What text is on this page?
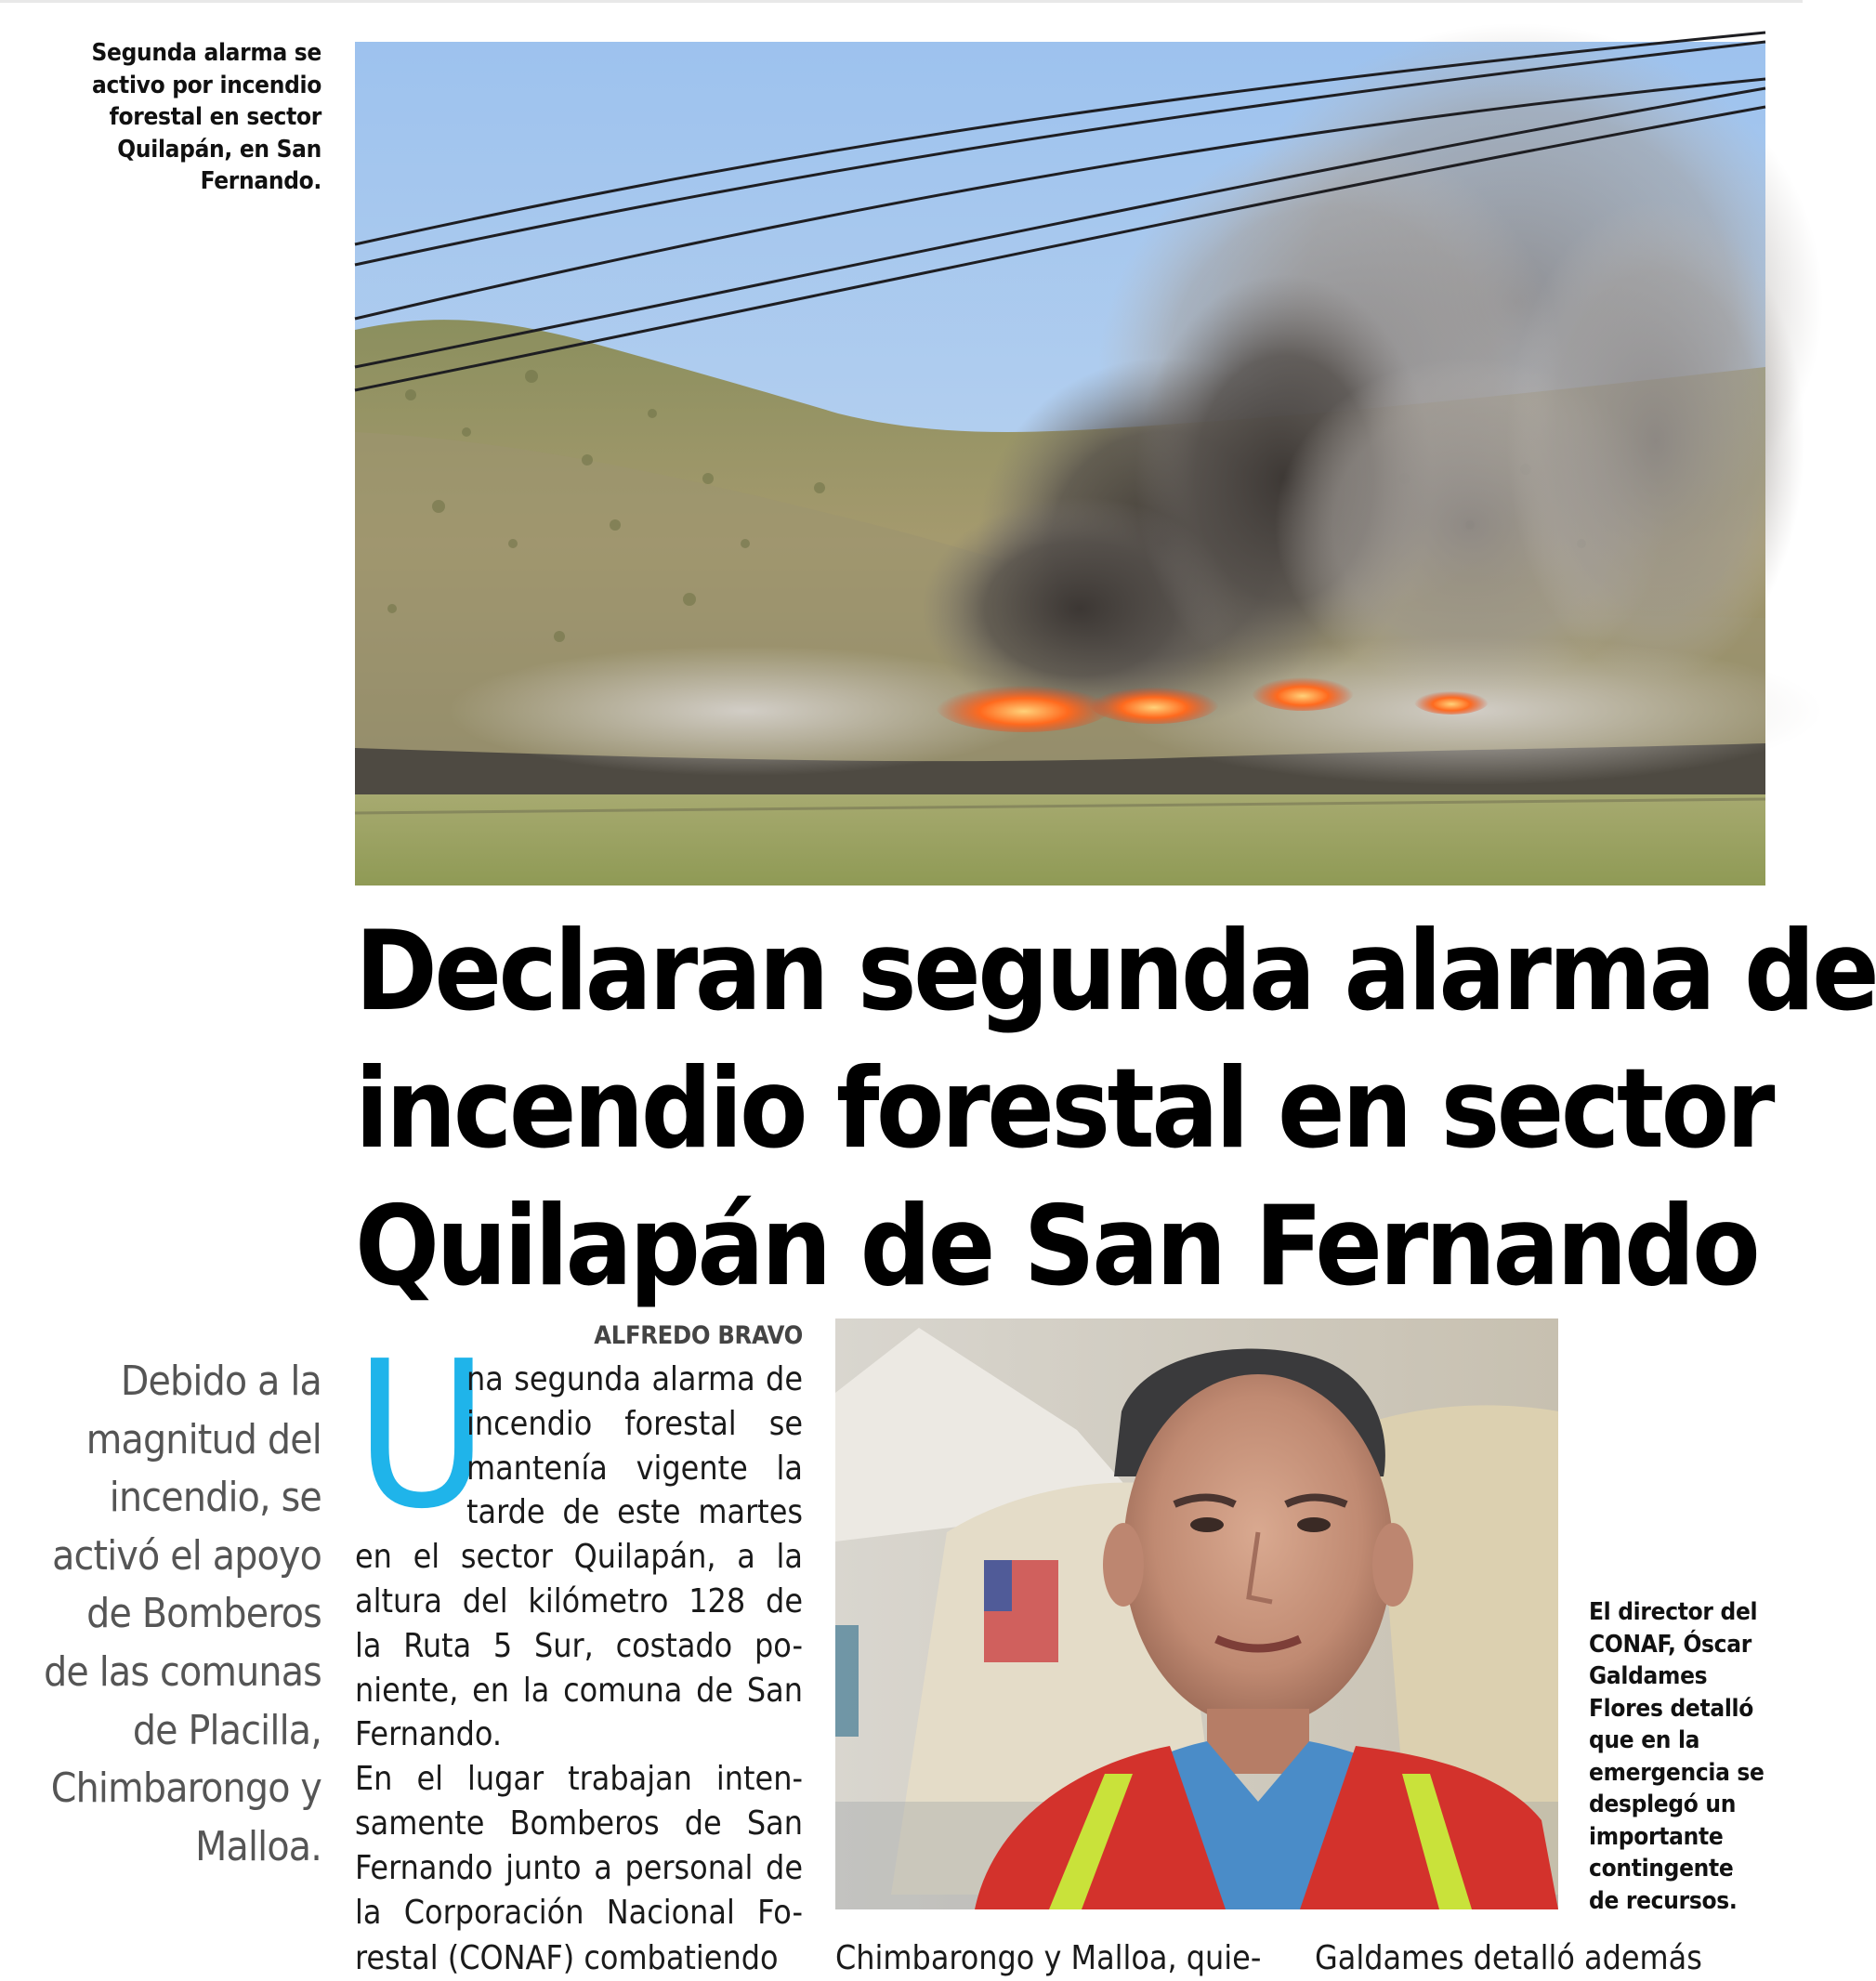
Segunda alarma se
activo por incendio
forestal en sector
Quilapán, en San
Fernando.
Declaran segunda alarma de
incendio forestal en sector
Quilapán de San Fernando
Debido a la
magnitud del
incendio, se
activó el apoyo
de Bomberos
de las comunas
de Placilla,
Chimbarongo y
Malloa.
ALFREDO BRAVO
U
na segunda alarma de
incendio forestal se
mantenía vigente la
tarde de este martes
en el sector Quilapán, a la
altura del kilómetro 128 de
la Ruta 5 Sur, costado po-
niente, en la comuna de San
Fernando.
En el lugar trabajan inten-
samente Bomberos de San
Fernando junto a personal de
la Corporación Nacional Fo-
El director del
CONAF, Óscar
Galdames
Flores detalló
que en la
emergencia se
desplegó un
importante
contingente
de recursos.
restal (CONAF) combatiendo	Chimbarongo y Malloa, quie-	Galdames detalló además
